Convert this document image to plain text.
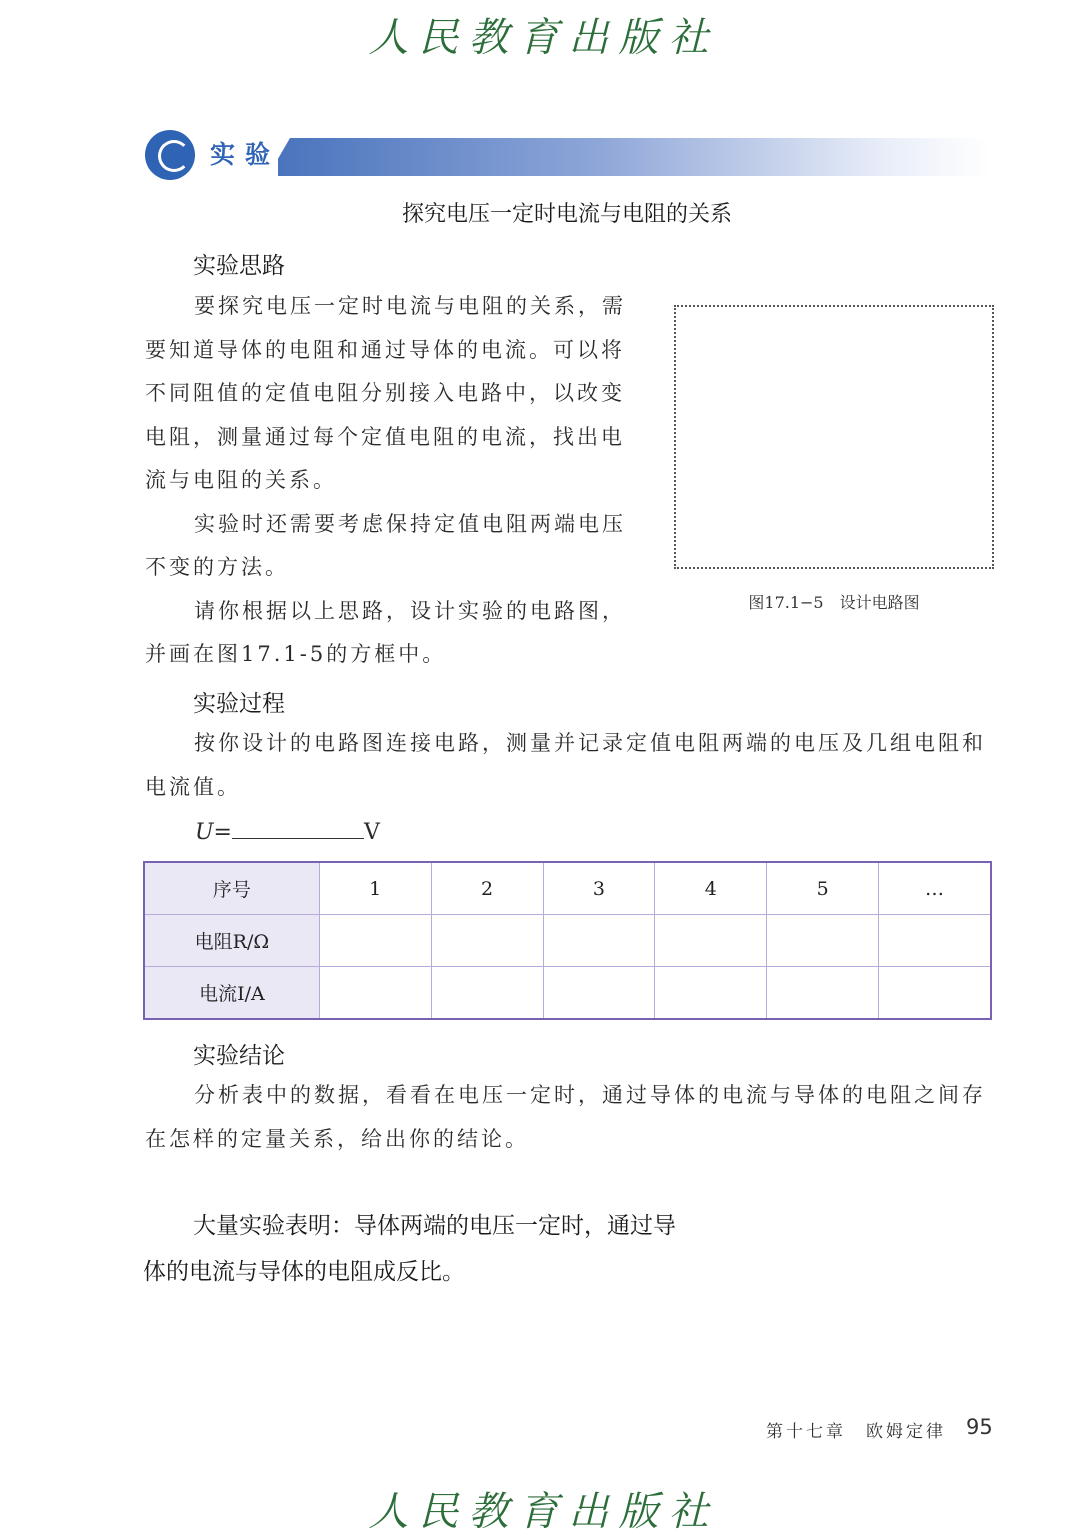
人民教育出版社
实验
探究电压一定时电流与电阻的关系
实验思路

要探究电压一定时电流与电阻的关系，需要知道导体的电阻和通过导体的电流。可以将不同阻值的定值电阻分别接入电路中，以改变电阻，测量通过每个定值电阻的电流，找出电流与电阻的关系。

实验时还需要考虑保持定值电阻两端电压不变的方法。

请你根据以上思路，设计实验的电路图，并画在图17.1-5的方框中。

图17.1−5　设计电路图
实验过程

按你设计的电路图连接电路，测量并记录定值电阻两端的电压及几组电阻和电流值。

U=	V
序号	1	2	3	4	5	…
电阻R/Ω						
电流I/A						
实验结论

分析表中的数据，看看在电压一定时，通过导体的电流与导体的电阻之间存在怎样的定量关系，给出你的结论。

大量实验表明：导体两端的电压一定时，通过导
体的电流与导体的电阻成反比。
第十七章　欧姆定律 95
人民教育出版社
